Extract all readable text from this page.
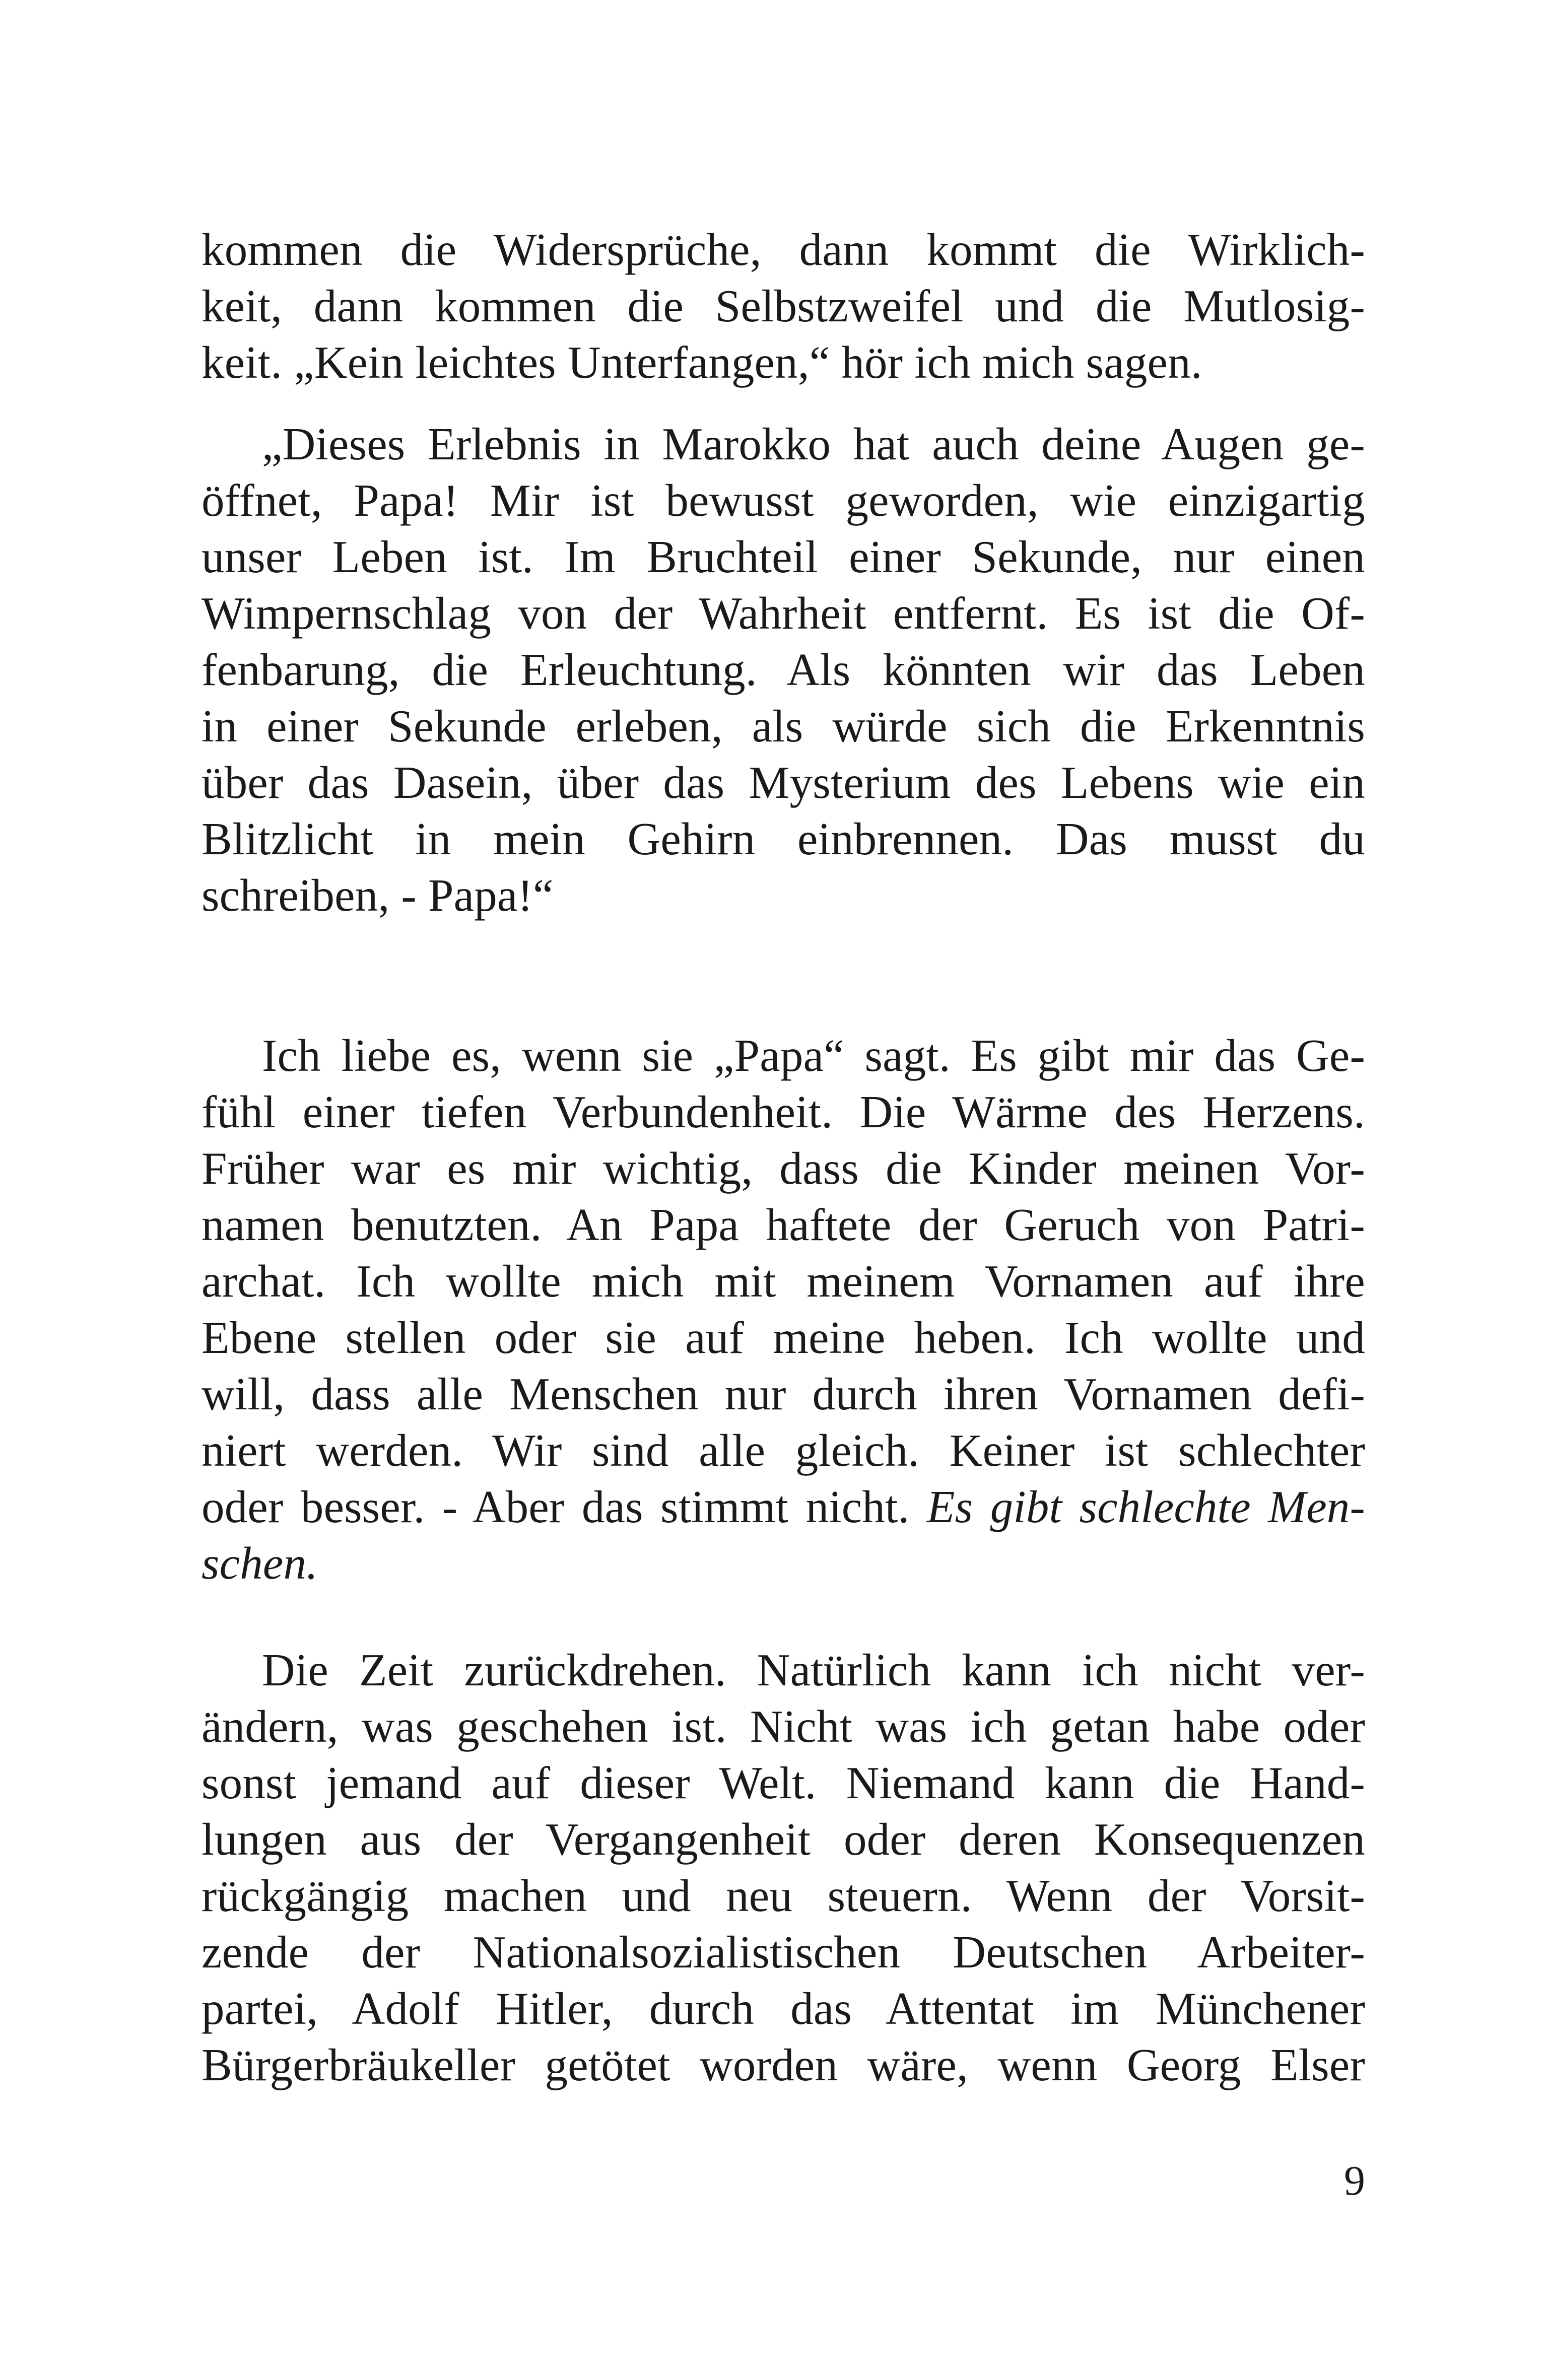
kommen die Widersprüche, dann kommt die Wirklich-
keit, dann kommen die Selbstzweifel und die Mutlosig-
keit. „Kein leichtes Unterfangen,“ hör ich mich sagen.
„Dieses Erlebnis in Marokko hat auch deine Augen ge-
öffnet, Papa! Mir ist bewusst geworden, wie einzigartig
unser Leben ist. Im Bruchteil einer Sekunde, nur einen
Wimpernschlag von der Wahrheit entfernt. Es ist die Of-
fenbarung, die Erleuchtung. Als könnten wir das Leben
in einer Sekunde erleben, als würde sich die Erkenntnis
über das Dasein, über das Mysterium des Lebens wie ein
Blitzlicht in mein Gehirn einbrennen. Das musst du
schreiben, - Papa!“
Ich liebe es, wenn sie „Papa“ sagt. Es gibt mir das Ge-
fühl einer tiefen Verbundenheit. Die Wärme des Herzens.
Früher war es mir wichtig, dass die Kinder meinen Vor-
namen benutzten. An Papa haftete der Geruch von Patri-
archat. Ich wollte mich mit meinem Vornamen auf ihre
Ebene stellen oder sie auf meine heben. Ich wollte und
will, dass alle Menschen nur durch ihren Vornamen defi-
niert werden. Wir sind alle gleich. Keiner ist schlechter
oder besser. - Aber das stimmt nicht. Es gibt schlechte Men-
schen.
Die Zeit zurückdrehen. Natürlich kann ich nicht ver-
ändern, was geschehen ist. Nicht was ich getan habe oder
sonst jemand auf dieser Welt. Niemand kann die Hand-
lungen aus der Vergangenheit oder deren Konsequenzen
rückgängig machen und neu steuern. Wenn der Vorsit-
zende der Nationalsozialistischen Deutschen Arbeiter-
partei, Adolf Hitler, durch das Attentat im Münchener
Bürgerbräukeller getötet worden wäre, wenn Georg Elser
9
